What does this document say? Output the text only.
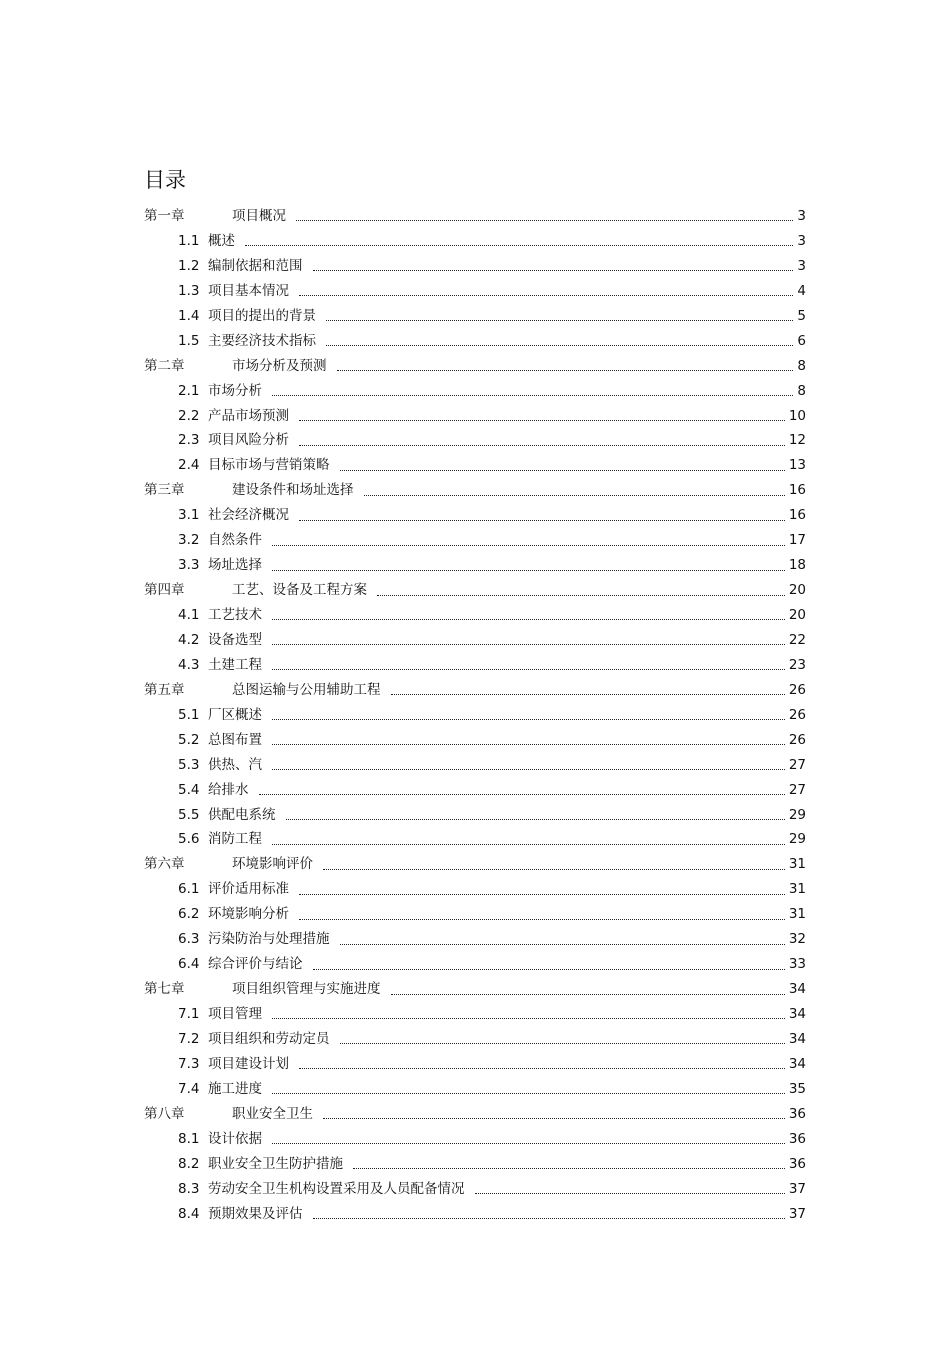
目录
第一章	项目概况	3
1.1 概述	3
1.2 编制依据和范围	3
1.3 项目基本情况	4
1.4 项目的提出的背景	5
1.5 主要经济技术指标	6
第二章	市场分析及预测	8
2.1 市场分析	8
2.2 产品市场预测	10
2.3 项目风险分析	12
2.4 目标市场与营销策略	13
第三章	建设条件和场址选择	16
3.1 社会经济概况	16
3.2 自然条件	17
3.3 场址选择	18
第四章	工艺、设备及工程方案	20
4.1 工艺技术	20
4.2 设备选型	22
4.3 土建工程	23
第五章	总图运输与公用辅助工程	26
5.1 厂区概述	26
5.2 总图布置	26
5.3 供热、汽	27
5.4 给排水	27
5.5 供配电系统	29
5.6 消防工程	29
第六章	环境影响评价	31
6.1 评价适用标准	31
6.2 环境影响分析	31
6.3 污染防治与处理措施	32
6.4 综合评价与结论	33
第七章	项目组织管理与实施进度	34
7.1 项目管理	34
7.2 项目组织和劳动定员	34
7.3 项目建设计划	34
7.4 施工进度	35
第八章	职业安全卫生	36
8.1 设计依据	36
8.2 职业安全卫生防护措施	36
8.3 劳动安全卫生机构设置采用及人员配备情况	37
8.4 预期效果及评估	37
